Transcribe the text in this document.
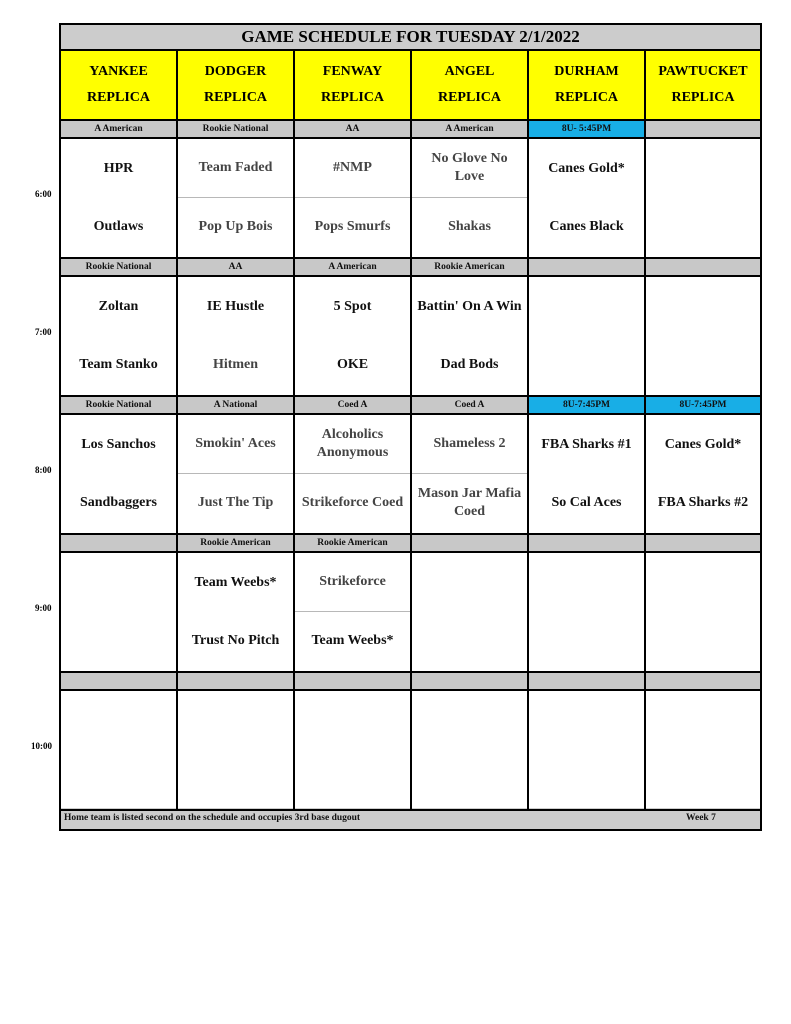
GAME SCHEDULE FOR TUESDAY 2/1/2022
Home team is listed second on the schedule and occupies 3rd base dugout	Week 7
YANKEE
REPLICA
DODGER
REPLICA
FENWAY
REPLICA
ANGEL
REPLICA
DURHAM
REPLICA
PAWTUCKET
REPLICA
A American
HPR
Outlaws
Rookie National
Team Faded
Pop Up Bois
AA
#NMP
Pops Smurfs
A American
No Glove No Love
Shakas
8U- 5:45PM
Canes Gold*
Canes Black
Rookie National
Zoltan
Team Stanko
AA
IE Hustle
Hitmen
A American
5 Spot
OKE
Rookie American
Battin' On A Win
Dad Bods
Rookie National
Los Sanchos
Sandbaggers
A National
Smokin' Aces
Just The Tip
Coed A
Alcoholics Anonymous
Strikeforce Coed
Coed A
Shameless 2
Mason Jar Mafia Coed
8U-7:45PM
FBA Sharks #1
So Cal Aces
8U-7:45PM
Canes Gold*
FBA Sharks #2
Rookie American
Team Weebs*
Trust No Pitch
Rookie American
Strikeforce
Team Weebs*
6:00
7:00
8:00
9:00
10:00
